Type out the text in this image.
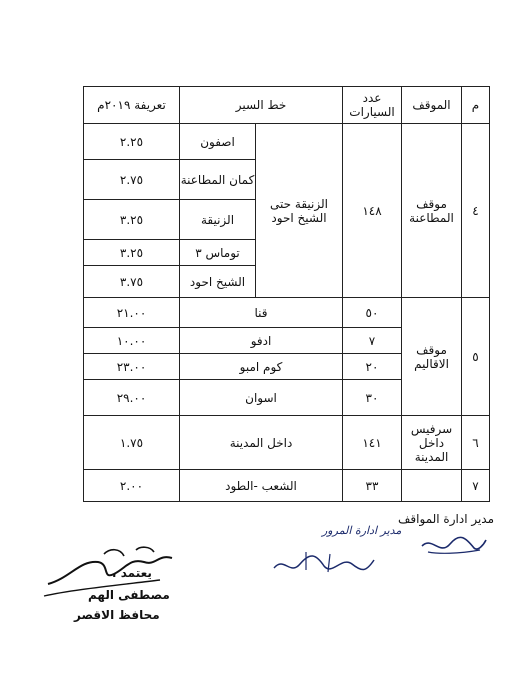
م	الموقف	عدد السيارات	خط السير		تعريفة ٢٠١٩م
٤	موقف المطاعنة	١٤٨	الزنيقة حتى الشيخ احود	اصفون	٢.٢٥
				كمان المطاعنة	٢.٧٥
				الزنيقة	٣.٢٥
				توماس ٣	٣.٢٥
				الشيخ احود	٣.٧٥
٥	موقف الاقاليم	٥٠	قنا		٢١.٠٠
		٧	ادفو		١٠.٠٠
		٢٠	كوم امبو		٢٣.٠٠
		٣٠	اسوان		٢٩.٠٠
٦	سرفيس داخل المدينة	١٤١	داخل المدينة		١.٧٥
٧		٣٣	الشعب -الطود		٢.٠٠
مدير ادارة المواقف
مدير ادارة المرور
يعتمد ،
مصطفى الهم
محافظ الاقصر
